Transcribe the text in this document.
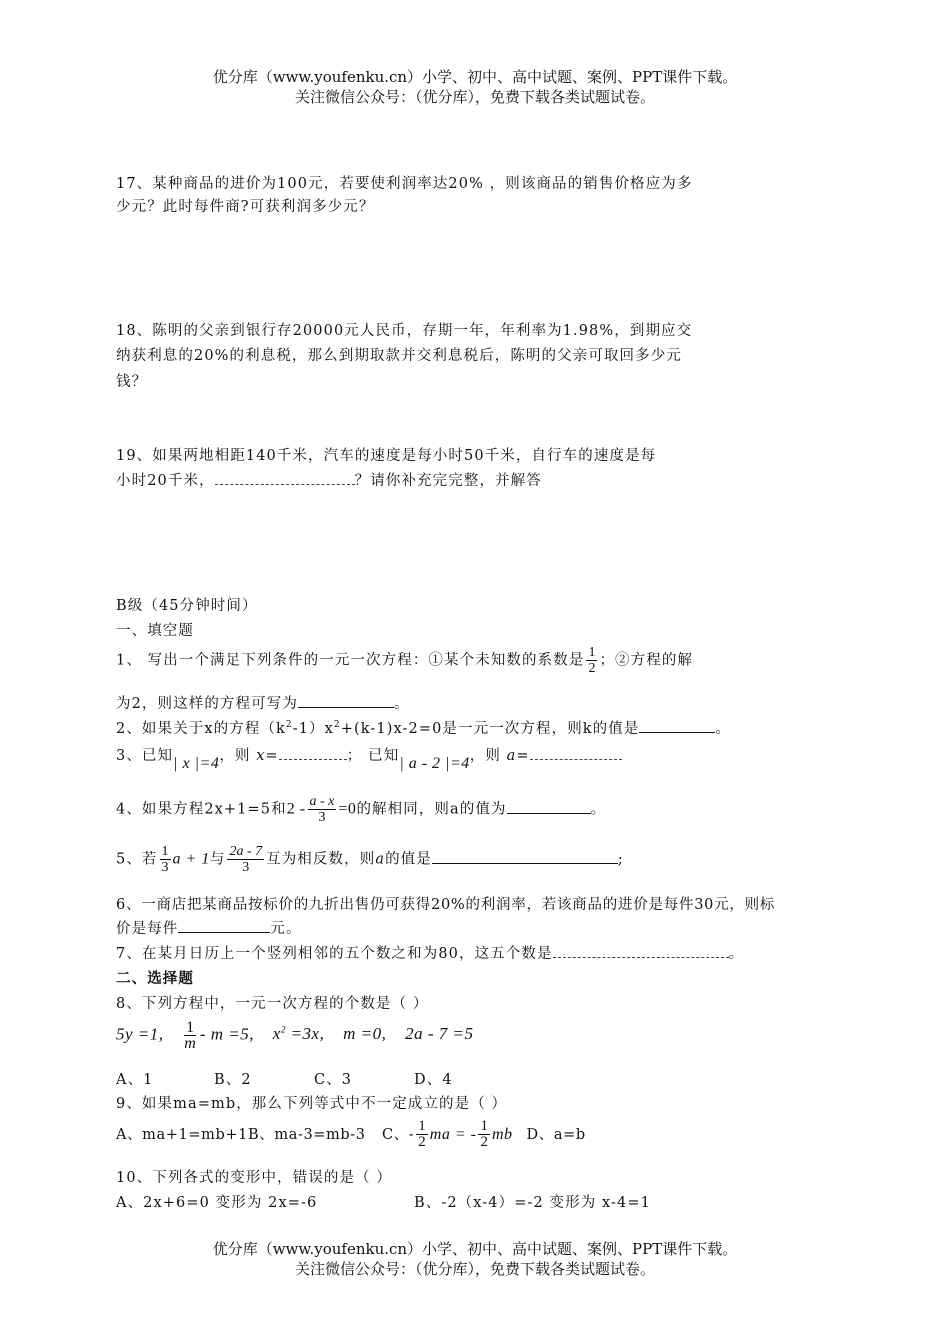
优分库（www.youfenku.cn）小学、初中、高中试题、案例、PPT课件下载。
关注微信公众号：（优分库），免费下载各类试题试卷。
17、某种商品的进价为100元，若要使利润率达20% ，则该商品的销售价格应为多
少元？此时每件商?可获利润多少元？
18、陈明的父亲到银行存20000元人民币，存期一年，年利率为1.98%，到期应交
纳获利息的20%的利息税，那么到期取款并交利息税后，陈明的父亲可取回多少元
钱？
19、如果两地相距140千米，汽车的速度是每小时50千米，自行车的速度是每
小时20千米，	？请你补充完完整，并解答
B级（45分钟时间）
一、填空题
1、 写出一个满足下列条件的一元一次方程：①某个未知数的系数是 $\frac{1}{2}$ ；②方程的解
为2，则这样的方程可写为	。
2、如果关于x的方程$(k^2-1)x^2+(k-1)x-2=0$是一元一次方程，则k的值是	。
3、已知| x |=4，则 x=	； 已知| a - 2 |=4，则 a=
4、如果方程2x+1=5和$2 - \frac{a - x}{3} =0$的解相同，则a的值为	。
5、若 $\frac{1}{3}$ a + 1与 $\frac{2a - 7}{3}$ 互为相反数，则a的值是	;
6、一商店把某商品按标价的九折出售仍可获得20%的利润率，若该商品的进价是每件30元，则标
价是每件	元。
7、在某月日历上一个竖列相邻的五个数之和为80，这五个数是	。
二、选择题
8、下列方程中，一元一次方程的个数是（ ）
5y =1, $\frac{1}{m} - m =5$, $x^2 =3x$, m =0, 2a - 7 =5
A、1	B、2	C、3	D、4
9、如果ma=mb，那么下列等式中不一定成立的是（ ）
A、ma+1=mb+1B、ma-3=mb-3 C、- $\frac{1}{2}$ ma = - $\frac{1}{2}$ mb D、a=b
10、下列各式的变形中，错误的是（ ）
A、2x+6=0 变形为 2x=-6	B、-2（x-4）=-2 变形为 x-4=1
优分库（www.youfenku.cn）小学、初中、高中试题、案例、PPT课件下载。
关注微信公众号：（优分库），免费下载各类试题试卷。
